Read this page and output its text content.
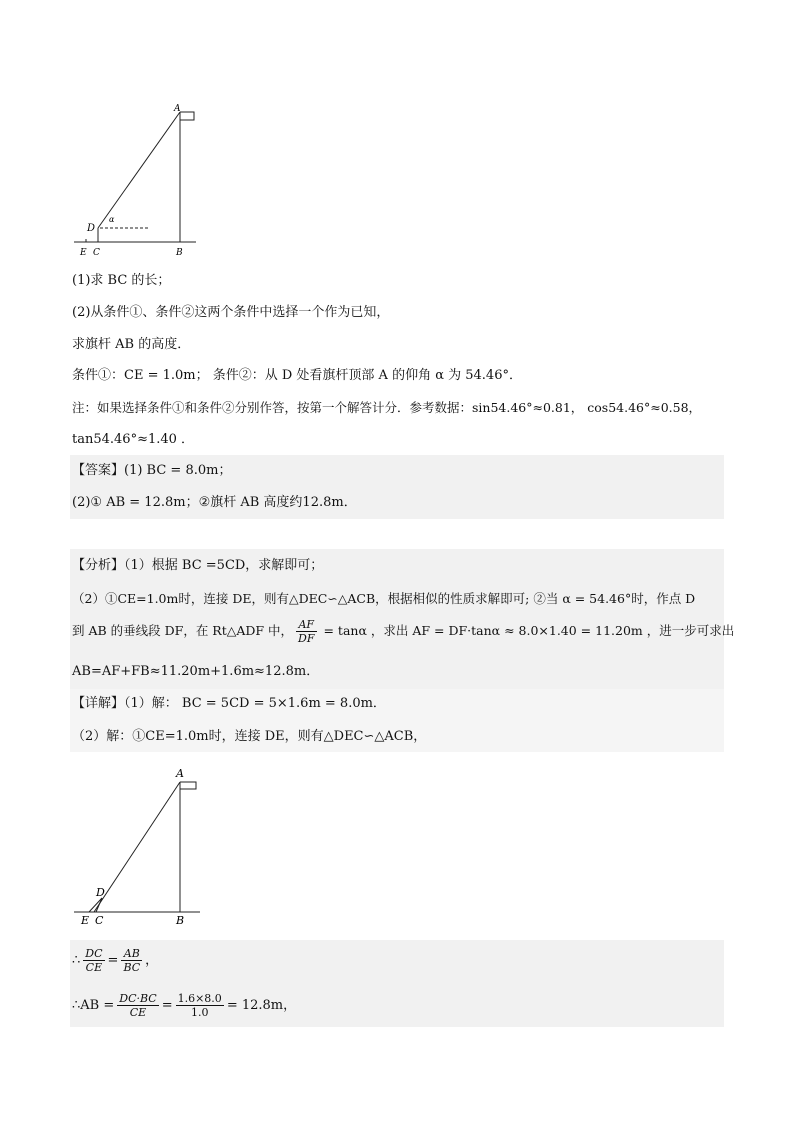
A
D
α
E C	B
(1)求 BC 的长；
(2)从条件①、条件②这两个条件中选择一个作为已知，
求旗杆 AB 的高度．
条件①：CE = 1.0m； 条件②：从 D 处看旗杆顶部 A 的仰角 α 为 54.46°．
注：如果选择条件①和条件②分别作答，按第一个解答计分．参考数据：sin54.46°≈0.81， cos54.46°≈0.58，
tan54.46°≈1.40 ．
【答案】(1) BC = 8.0m；
(2)① AB = 12.8m；②旗杆 AB 高度约12.8m．
【分析】（1）根据 BC =5CD，求解即可；
（2）①CE=1.0m时，连接 DE，则有△DEC∽△ACB，根据相似的性质求解即可; ②当 α = 54.46°时，作点 D
到 AB 的垂线段 DF，在 Rt△ADF 中， $\frac{AF}{DF} = \tan\alpha$ ，求出 AF = DF·tanα ≈ 8.0×1.40 = 11.20m ，进一步可求出
AB=AF+FB≈11.20m+1.6m≈12.8m．
【详解】（1）解： BC = 5CD = 5×1.6m = 8.0m．
（2）解：①CE=1.0m时，连接 DE，则有△DEC∽△ACB，
A
D
E C	B
∴ $\frac{DC}{CE} = \frac{AB}{BC}$ ，
∴AB = $\frac{DC\cdot BC}{CE} = \frac{1.6\times 8.0}{1.0} = 12.8m$，
